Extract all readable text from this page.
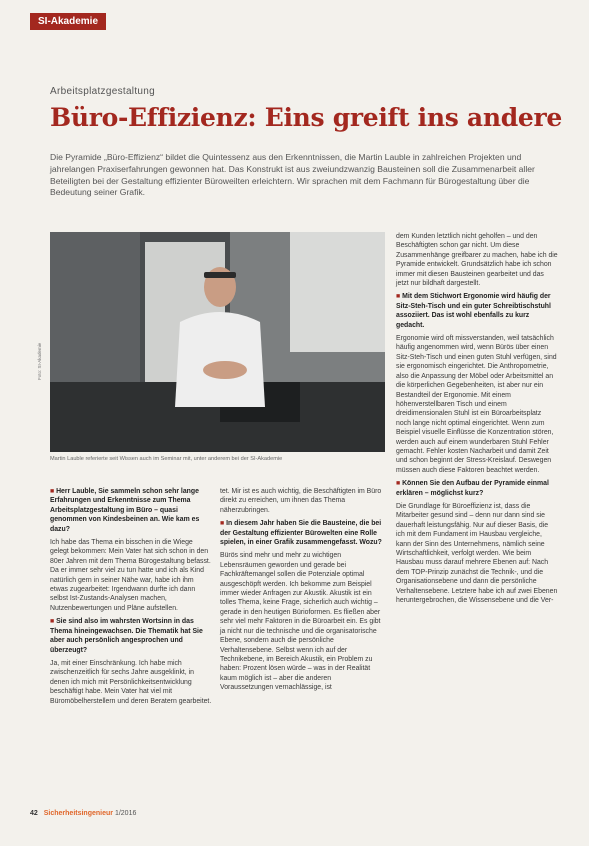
SI-Akademie
Arbeitsplatzgestaltung
Büro-Effizienz: Eins greift ins andere

Die Pyramide „Büro-Effizienz“ bildet die Quintessenz aus den Erkenntnissen, die Martin Lauble in zahlreichen Projekten und jahrelangen Praxiserfahrungen gewonnen hat. Das Konstrukt ist aus zweiundzwanzig Bausteinen soll die Zusammenarbeit aller Beteiligten bei der Gestaltung effizienter Büroweilten erleichtern. Wir sprachen mit dem Fachmann für Bürogestaltung über die Bedeutung seiner Grafik.

Foto: SI-Akademie

Martin Lauble referierte seit Wissen auch im Seminar mit, unter anderem bei der SI-Akademie

■ Herr Lauble, Sie sammeln schon sehr lange Erfahrungen und Erkenntnisse zum Thema Arbeitsplatzgestaltung im Büro – quasi genommen von Kindesbeinen an. Wie kam es dazu?

Ich habe das Thema ein bisschen in die Wiege gelegt bekommen: Mein Vater hat sich schon in den 80er Jahren mit dem Thema Bürogestaltung befasst. Da er immer sehr viel zu tun hatte und ich als Kind natürlich gern in seiner Nähe war, habe ich ihm etwas zugearbeitet: Irgendwann durfte ich dann selbst Ist-Zustands-Analysen machen, Nutzenbewertungen und Pläne aufstellen.

■ Sie sind also im wahrsten Wortsinn in das Thema hineingewachsen. Die Thematik hat Sie aber auch persönlich angesprochen und überzeugt?

Ja, mit einer Einschränkung. Ich habe mich zwischenzeitlich für sechs Jahre ausgeklinkt, in denen ich mich mit Persönlichkeitsentwicklung beschäftigt habe. Mein Vater hat viel mit Büromöbelherstellern und deren Beratern gearbeitet.

tet. Mir ist es auch wichtig, die Beschäftigten im Büro direkt zu erreichen, um ihnen das Thema näherzubringen.

■ In diesem Jahr haben Sie die Bausteine, die bei der Gestaltung effizienter Bürowelten eine Rolle spielen, in einer Grafik zusammengefasst. Wozu?

Bürös sind mehr und mehr zu wichtigen Lebensräumen geworden und gerade bei Fachkräftemangel sollen die Potenziale optimal ausgeschöpft werden. Ich bekomme zum Beispiel immer wieder Anfragen zur Akustik. Akustik ist ein tolles Thema, keine Frage, sicherlich auch wichtig – gerade in den heutigen Bürioformen. Es fließen aber sehr viel mehr Faktoren in die Büroarbeit ein. Es gibt ja nicht nur die technische und die organisatorische Ebene, sondern auch die persönliche Verhaltensebene. Selbst wenn ich auf der Technikebene, im Bereich Akustik, ein Problem zu haben: Prozent lösen würde – was in der Realität kaum möglich ist – aber die anderen Voraussetzungen vernachlässige, ist

dem Kunden letztlich nicht geholfen – und den Beschäftigten schon gar nicht. Um diese Zusammenhänge greifbarer zu machen, habe ich die Pyramide entwickelt. Grundsätzlich habe ich schon immer mit diesen Bausteinen gearbeitet und das jetzt nur bildhaft dargestellt.

■ Mit dem Stichwort Ergonomie wird häufig der Sitz-Steh-Tisch und ein guter Schreibtischstuhl assoziiert. Das ist wohl ebenfalls zu kurz gedacht.

Ergonomie wird oft missverstanden, weil tatsächlich häufig angenommen wird, wenn Bürös über einen Sitz-Steh-Tisch und einen guten Stuhl verfügen, sind sie ergonomisch eingerichtet. Die Anthropometrie, also die Anpassung der Möbel oder Arbeitsmittel an die körperlichen Gegebenheiten, ist aber nur ein Bestandteil der Ergonomie. Mit einem höhenverstellbaren Tisch und einem dreidimensionalen Stuhl ist ein Büroarbeitsplatz noch lange nicht optimal eingerichtet. Wenn zum Beispiel visuelle Einflüsse die Konzentration stören, werden auch auf einem wunderbaren Stuhl Fehler gemacht. Fehler kosten Nacharbeit und damit Zeit und schon beginnt der Stress-Kreislauf. Deswegen müssen auch diese Faktoren beachtet werden.

■ Können Sie den Aufbau der Pyramide einmal erklären – möglichst kurz?

Die Grundlage für Büroeffizienz ist, dass die Mitarbeiter gesund sind – denn nur dann sind sie dauerhaft leistungsfähig. Nur auf dieser Basis, die ich mit dem Fundament im Hausbau vergleiche, kann der Sinn des Unternehmens, nämlich seine Wirtschaftlichkeit, verfolgt werden. Wie beim Hausbau muss darauf mehrere Ebenen auf: Nach dem TOP-Prinzip zunächst die Technik-, und die Organisationsebene und dann die persönliche Verhaltensebene. Letztere habe ich auf zwei Ebenen heruntergebrochen, die Wissensebene und die Ver-

42 Sicherheitsingenieur 1/2016
